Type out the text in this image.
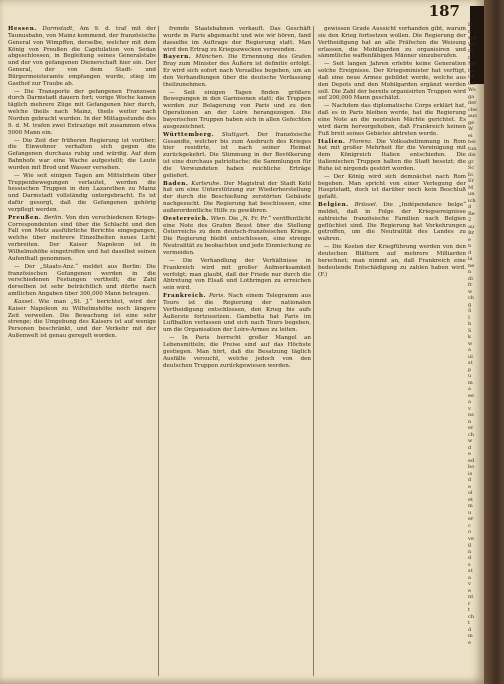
187

Hessen. Darmstadt, Am 9. d. traf mit der Taunusbahn, von Mainz kommend, der französische General von Wimpffen, derselbe, welcher mit dem König von Preußen die Capitulation von Sedan abgeschlossen, in Begleitung seines Generalstabs und der von gefangenen Dienerschaft hier ein. Der General, der von dem Stadt- und Bürgermeisteramte empfangen wurde, stieg im Gasthof zur Traube ab.

— Die Transporte der gefangenen Franzosen durch Darmstadt dauern fort; vorige Woche kamen täglich mehrere Züge mit Gefangenen hier durch, welche theils nach Mainz, theils weiter nach Norden gebracht wurden. In der Mittagsstunde des 9. d. M. trafen zwei Extrazüge mit zusammen etwa 5000 Mann ein.

— Die Zeit der früheren Regierung ist vorüber; die Einwohner verhalten sich gegen die Gefangenen durchaus ruhig und würdig. Auf dem Bahnhofe war eine Wache aufgestellt; die Leute wurden mit Brod und Wasser versehen.

— Wie seit einigen Tagen am Mittelrhein über Truppenbewegungen verlautet, werden die hessischen Truppen in den Lazarethen zu Mainz und Darmstadt vollständig untergebracht. Es ist dafür gesorgt, daß die Gefangenen gehörig verpflegt werden.

Preußen. Berlin. Von den verschiedenen Kriegs-Correspondenten sind über die Schlacht und den Fall von Metz ausführliche Berichte eingegangen, welche über mehrere Einzelheiten neues Licht verbreiten. Der Kaiser Napoleon ist in Wilhelmshöhe eingetroffen und hat daselbst seinen Aufenthalt genommen.

— Der „Staats-Anz.“ meldet aus Berlin: Die französischen Gefangenen werden in die verschiedenen Festungen vertheilt; die Zahl derselben ist sehr beträchtlich und dürfte nach amtlichen Angaben über 300,000 Mann betragen.

Kassel. Wie man „St. J.“ berichtet, wird der Kaiser Napoleon zu Wilhelmshöhe noch längere Zeit verweilen. Die Bewachung ist eine sehr strenge; die Umgebung des Kaisers ist auf wenige Personen beschränkt, und der Verkehr mit der Außenwelt ist genau geregelt worden.

fremde Staatsbahnen verkauft. Das Geschäft wurde in Paris abgemacht und wie wir hören, fand dasselbe im Auftrage der Regierung statt. Man wird den Ertrag zu Kriegszwecken verwenden.

Bayern. München. Die Ernennung des Grafen Bray zum Minister des Äußern ist definitiv erfolgt. Er wird sich sofort nach Versailles begeben, um an den Verhandlungen über die deutsche Verfassung theilzunehmen.

— Seit einigen Tagen finden größere Bewegungen in den Garnisonen statt; die Truppen werden zur Belagerung von Paris und zu den Operationen an der Loire herangezogen. Die bayerischen Truppen haben sich in allen Gefechten ausgezeichnet.

Württemberg. Stuttgart. Der französische Gesandte, welcher bis zum Ausbruch des Krieges hier residirte, ist nach seiner Heimat zurückgekehrt. Die Stimmung in der Bevölkerung ist eine durchaus patriotische; die Sammlungen für die Verwundeten haben reichliche Erträge geliefert.

Baden. Karlsruhe. Der Magistrat der Stadt Kehl hat um eine Unterstützung zur Wiederherstellung der durch die Beschießung zerstörten Gebäude nachgesucht. Die Regierung hat beschlossen, eine außerordentliche Hilfe zu gewähren.

Oesterreich. Wien. Die „N. Fr. Pr.“ veröffentlicht eine Note des Grafen Beust über die Stellung Österreichs zu dem deutsch-französischen Kriege. Die Regierung bleibt entschlossen, eine strenge Neutralität zu beobachten und jede Einmischung zu vermeiden.

— Die Verhandlung der Verhältnisse in Frankreich wird mit großer Aufmerksamkeit verfolgt; man glaubt, daß der Friede nur durch die Abtretung von Elsaß und Lothringen zu erreichen sein wird.

Frankreich. Paris. Nach einem Telegramm aus Tours ist die Regierung der nationalen Vertheidigung entschlossen, den Krieg bis aufs Äußerste fortzusetzen. Gambetta hat Paris im Luftballon verlassen und sich nach Tours begeben, um die Organisation der Loire-Armee zu leiten.

— In Paris herrscht großer Mangel an Lebensmitteln; die Preise sind auf das Höchste gestiegen. Man hört, daß die Besatzung täglich Ausfälle versucht, welche jedoch von den deutschen Truppen zurückgewiesen werden.

gewissen Grade Aussicht vorhanden gibt, warum sie den Krieg fortsetzen wollen. Die Regierung der Vertheidigung hat an alle Präfecten die Weisung erlassen, die Mobilgarden zu organisiren und sämmtliche waffenfähigen Männer einzuberufen.

— Seit langen Jahren erlebte keine Generation solche Ereignisse. Der Kriegsminister hat verfügt, daß eine neue Armee gebildet werde, welche aus den Depots und den Mobilgarden ergänzt werden soll. Die Zahl der bereits organisirten Truppen wird auf 200,000 Mann geschätzt.

— Nachdem das diplomatische Corps erklärt hat, daß es in Paris bleiben werde, hat die Regierung eine Note an die neutralen Mächte gerichtet. Es wird darin hervorgehoben, daß Frankreich keinen Fuß breit seines Gebietes abtreten werde.

Italien. Florenz. Die Volksabstimmung in Rom hat mit großer Mehrheit für die Vereinigung mit dem Königreich Italien entschieden. Die italienischen Truppen halten die Stadt besetzt; die Ruhe ist nirgends gestört worden.

— Der König wird sich demnächst nach Rom begeben. Man spricht von einer Verlegung der Hauptstadt, doch ist darüber noch kein Beschluß gefaßt.

Belgien. Brüssel. Die „Indépendance belge“ meldet, daß in Folge der Kriegsereignisse zahlreiche französische Familien nach Belgien geflüchtet sind. Die Regierung hat Vorkehrungen getroffen, um die Neutralität des Landes zu wahren.

— Die Kosten der Kriegführung werden von den deutschen Blättern auf mehrere Milliarden berechnet; man nimmt an, daß Frankreich eine bedeutende Entschädigung zu zahlen haben wird. (F.)

D
n
sch
We
rk
n
Me
he
un
Ge
Wo
ga
der
che
aus
ge
W
ei
bei
tun
die
gr
Sc
bi
Er
M
un
ich
d
Re
2
au
Br
e
n
d
la
ne
n
di
fr
w
ch
g
S
I
h
S
k
w
a
ul
st
p
u
m
a
ee
a
v
ns
n
er
ch
w
d
e
ed
bo
is
d
e
ol
et
m
u
er
c
o
ve
g
n
d
s
st
a
v
e
nt
r
t
ch
t
d
m
e
